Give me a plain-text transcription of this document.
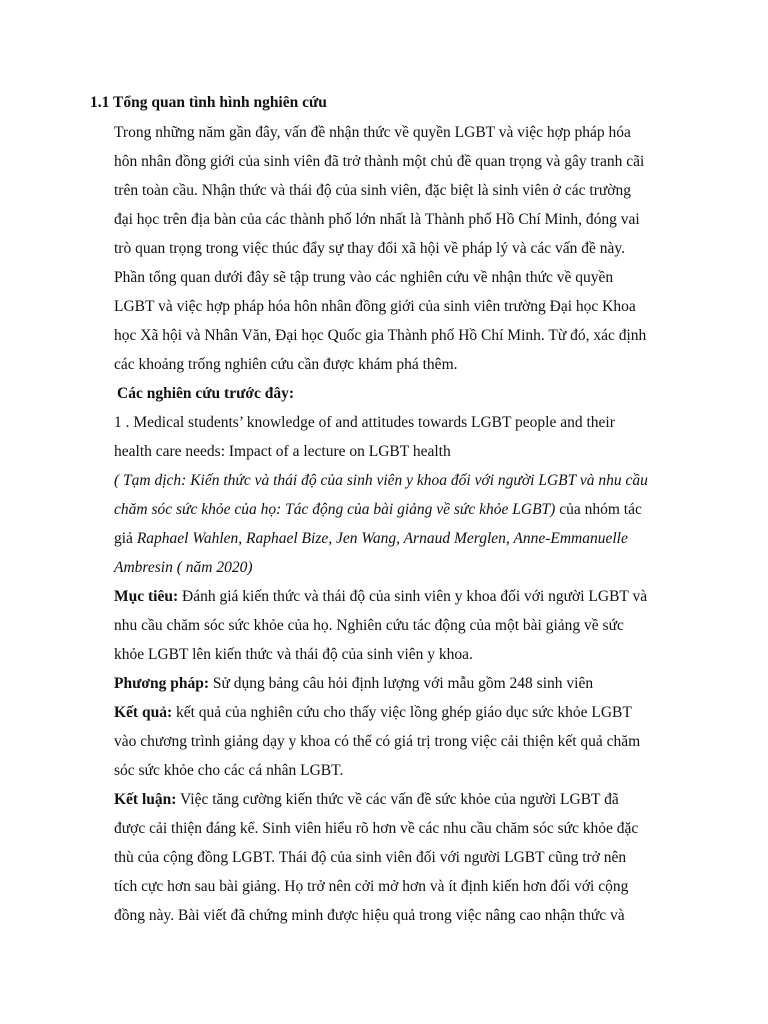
1.1 Tổng quan tình hình nghiên cứu
Trong những năm gần đây, vấn đề nhận thức về quyền LGBT và việc hợp pháp hóa
hôn nhân đồng giới của sinh viên đã trở thành một chủ đề quan trọng và gây tranh cãi
trên toàn cầu. Nhận thức và thái độ của sinh viên, đặc biệt là sinh viên ở các trường
đại học trên địa bàn của các thành phố lớn nhất là Thành phố Hồ Chí Minh, đóng vai
trò quan trọng trong việc thúc đẩy sự thay đổi xã hội về pháp lý và các vấn đề này.
Phần tổng quan dưới đây sẽ tập trung vào các nghiên cứu về nhận thức về quyền
LGBT và việc hợp pháp hóa hôn nhân đồng giới của sinh viên trường Đại học Khoa
học Xã hội và Nhân Văn, Đại học Quốc gia Thành phố Hồ Chí Minh. Từ đó, xác định
các khoảng trống nghiên cứu cần được khám phá thêm.
Các nghiên cứu trước đây:
1 . Medical students’ knowledge of and attitudes towards LGBT people and their
health care needs: Impact of a lecture on LGBT health
( Tạm dịch: Kiến thức và thái độ của sinh viên y khoa đối với người LGBT và nhu cầu
chăm sóc sức khỏe của họ: Tác động của bài giảng về sức khỏe LGBT) của nhóm tác
giả Raphael Wahlen, Raphael Bize, Jen Wang, Arnaud Merglen, Anne-Emmanuelle
Ambresin ( năm 2020)
Mục tiêu: Đánh giá kiến thức và thái độ của sinh viên y khoa đối với người LGBT và
nhu cầu chăm sóc sức khỏe của họ. Nghiên cứu tác động của một bài giảng về sức
khỏe LGBT lên kiến thức và thái độ của sinh viên y khoa.
Phương pháp: Sử dụng bảng câu hỏi định lượng với mẫu gồm 248 sinh viên
Kết quả: kết quả của nghiên cứu cho thấy việc lồng ghép giáo dục sức khỏe LGBT
vào chương trình giảng dạy y khoa có thể có giá trị trong việc cải thiện kết quả chăm
sóc sức khỏe cho các cá nhân LGBT.
Kết luận: Việc tăng cường kiến thức về các vấn đề sức khỏe của người LGBT đã
được cải thiện đáng kể. Sinh viên hiểu rõ hơn về các nhu cầu chăm sóc sức khỏe đặc
thù của cộng đồng LGBT. Thái độ của sinh viên đối với người LGBT cũng trở nên
tích cực hơn sau bài giảng. Họ trở nên cởi mở hơn và ít định kiến hơn đối với cộng
đồng này. Bài viết đã chứng minh được hiệu quả trong việc nâng cao nhận thức và
